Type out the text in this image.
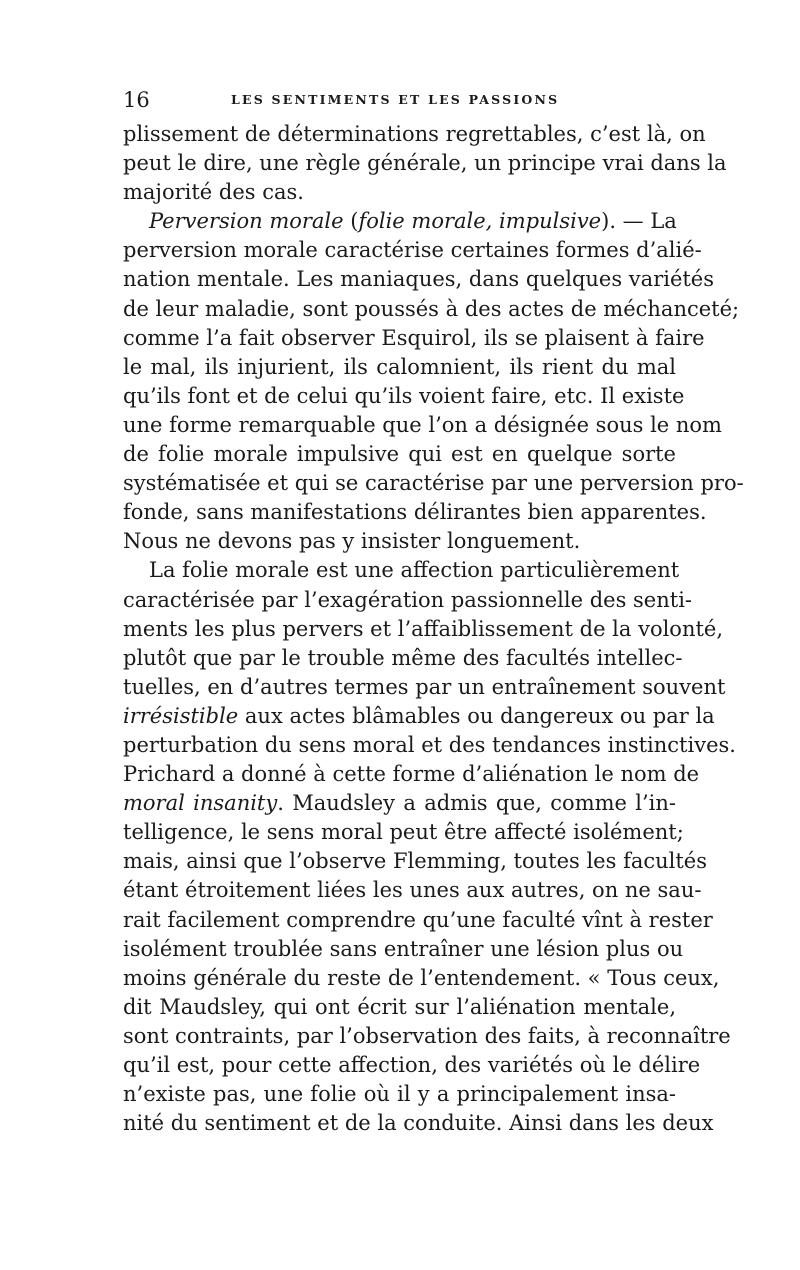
16	LES SENTIMENTS ET LES PASSIONS
plissement de déterminations regrettables, c’est là, on
peut le dire, une règle générale, un principe vrai dans la
majorité des cas.
Perversion morale (folie morale, impulsive). — La
perversion morale caractérise certaines formes d’alié-
nation mentale. Les maniaques, dans quelques variétés
de leur maladie, sont poussés à des actes de méchanceté;
comme l’a fait observer Esquirol, ils se plaisent à faire
le mal, ils injurient, ils calomnient, ils rient du mal
qu’ils font et de celui qu’ils voient faire, etc. Il existe
une forme remarquable que l’on a désignée sous le nom
de folie morale impulsive qui est en quelque sorte
systématisée et qui se caractérise par une perversion pro-
fonde, sans manifestations délirantes bien apparentes.
Nous ne devons pas y insister longuement.
La folie morale est une affection particulièrement
caractérisée par l’exagération passionnelle des senti-
ments les plus pervers et l’affaiblissement de la volonté,
plutôt que par le trouble même des facultés intellec-
tuelles, en d’autres termes par un entraînement souvent
irrésistible aux actes blâmables ou dangereux ou par la
perturbation du sens moral et des tendances instinctives.
Prichard a donné à cette forme d’aliénation le nom de
moral insanity. Maudsley a admis que, comme l’in-
telligence, le sens moral peut être affecté isolément;
mais, ainsi que l’observe Flemming, toutes les facultés
étant étroitement liées les unes aux autres, on ne sau-
rait facilement comprendre qu’une faculté vînt à rester
isolément troublée sans entraîner une lésion plus ou
moins générale du reste de l’entendement. « Tous ceux,
dit Maudsley, qui ont écrit sur l’aliénation mentale,
sont contraints, par l’observation des faits, à reconnaître
qu’il est, pour cette affection, des variétés où le délire
n’existe pas, une folie où il y a principalement insa-
nité du sentiment et de la conduite. Ainsi dans les deux
